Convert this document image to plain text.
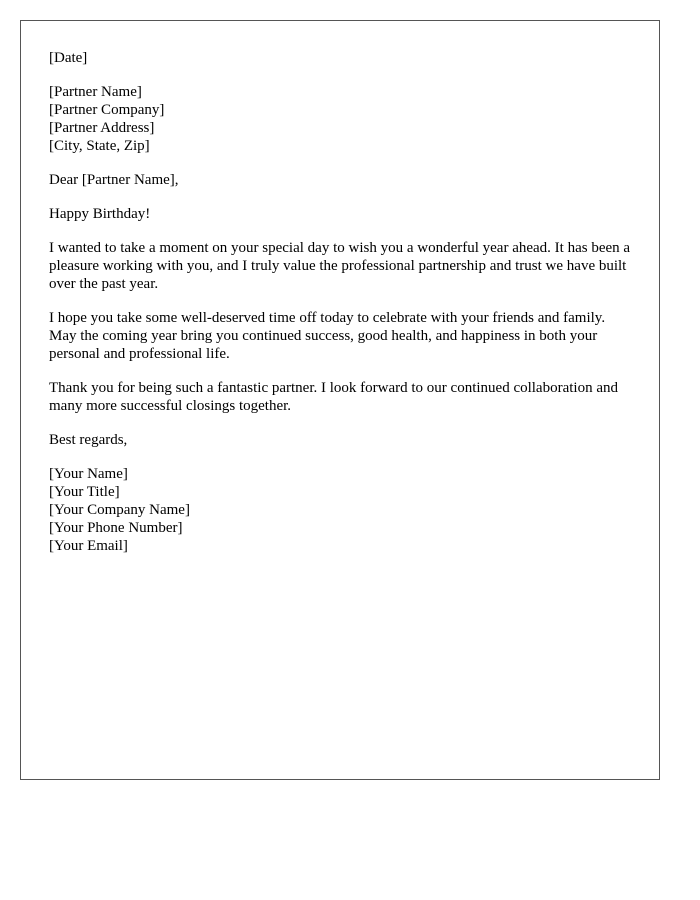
[Date]
[Partner Name]
[Partner Company]
[Partner Address]
[City, State, Zip]
Dear [Partner Name],
Happy Birthday!
I wanted to take a moment on your special day to wish you a wonderful year ahead. It has been a pleasure working with you, and I truly value the professional partnership and trust we have built over the past year.
I hope you take some well-deserved time off today to celebrate with your friends and family. May the coming year bring you continued success, good health, and happiness in both your personal and professional life.
Thank you for being such a fantastic partner. I look forward to our continued collaboration and many more successful closings together.
Best regards,
[Your Name]
[Your Title]
[Your Company Name]
[Your Phone Number]
[Your Email]
